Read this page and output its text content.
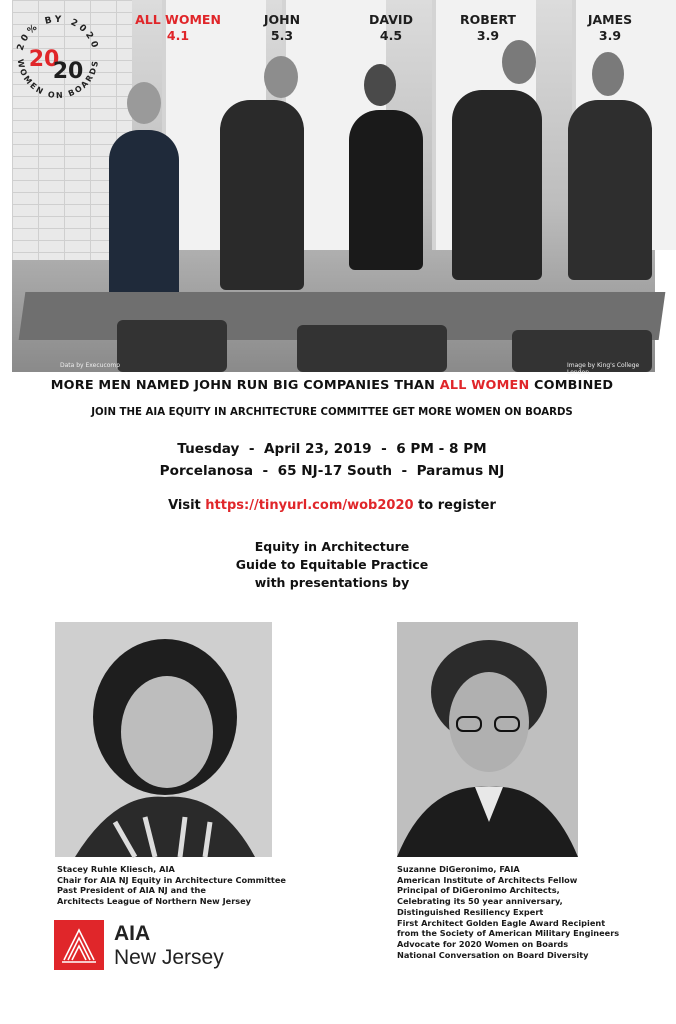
Data by Execucomp	Image by King's College London
20% BY 2020
WOMEN ON BOARDS
20
20
ALL WOMEN
4.1
JOHN
5.3
DAVID
4.5
ROBERT
3.9
JAMES
3.9
MORE MEN NAMED JOHN RUN BIG COMPANIES THAN ALL WOMEN COMBINED
JOIN THE AIA EQUITY IN ARCHITECTURE COMMITTEE GET MORE WOMEN ON BOARDS
Tuesday  -  April 23, 2019  -  6 PM - 8 PM
Porcelanosa  -  65 NJ-17 South  -  Paramus NJ
Visit https://tinyurl.com/wob2020 to register
Equity in Architecture
Guide to Equitable Practice
with presentations by
Stacey Ruhle Kliesch, AIA
Chair for AIA NJ Equity in Architecture Committee
Past President of AIA NJ and the
Architects League of Northern New Jersey
Suzanne DiGeronimo, FAIA
American Institute of Architects Fellow
Principal of DiGeronimo Architects,
Celebrating its 50 year anniversary,
Distinguished Resiliency Expert
First Architect Golden Eagle Award Recipient
from the Society of American Military Engineers
Advocate for 2020 Women on Boards
National Conversation on Board Diversity
AIA
New Jersey
